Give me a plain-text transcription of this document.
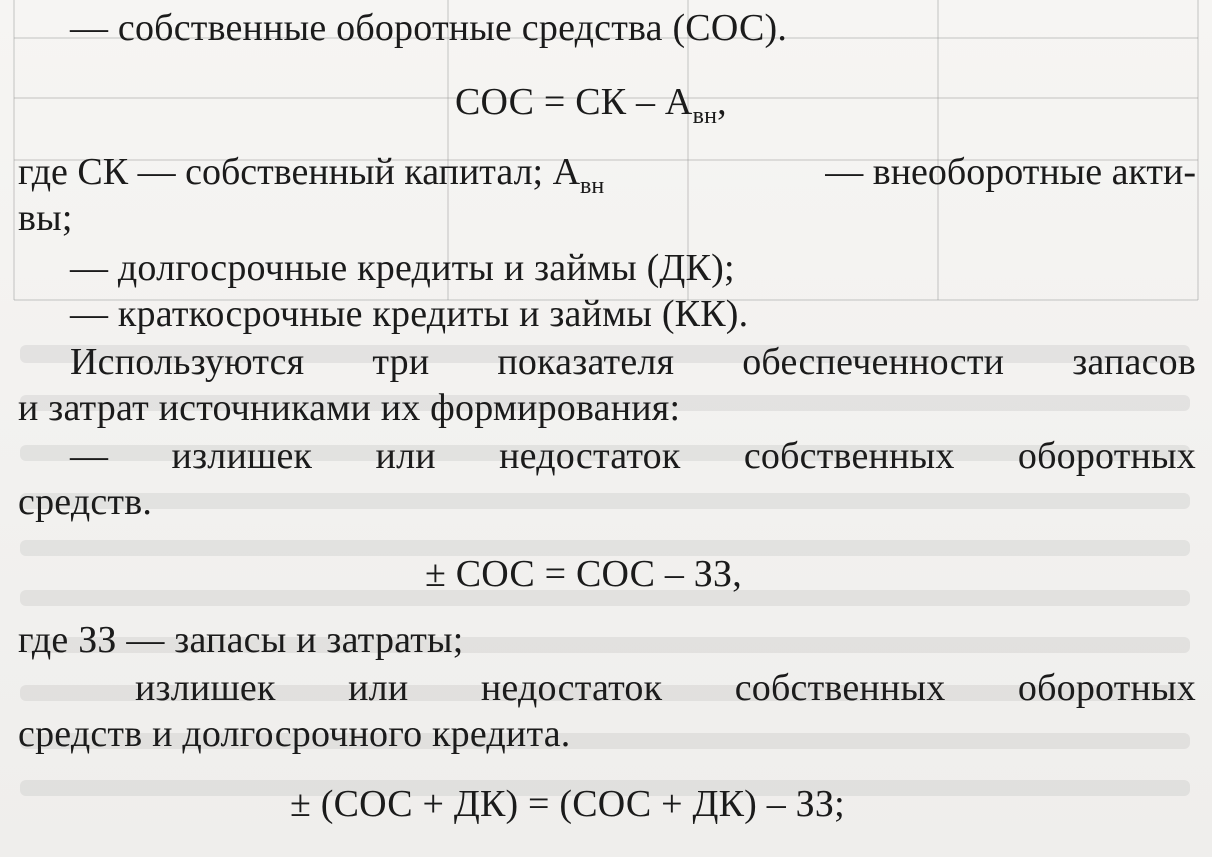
— собственные оборотные средства (СОС).
СОС = СК – $А_{вн}$,
где СК — собственный капитал; $А_{вн}$	— внеоборотные акти-
вы;
— долгосрочные кредиты и займы (ДК);
— краткосрочные кредиты и займы (КК).
Используются три показателя обеспеченности запасов
и затрат источниками их формирования:
— излишек или недостаток собственных оборотных
средств.
± СОС = СОС – ЗЗ,
где ЗЗ — запасы и затраты;
излишек или недостаток собственных оборотных
средств и долгосрочного кредита.
± (СОС + ДК) = (СОС + ДК) – ЗЗ;
